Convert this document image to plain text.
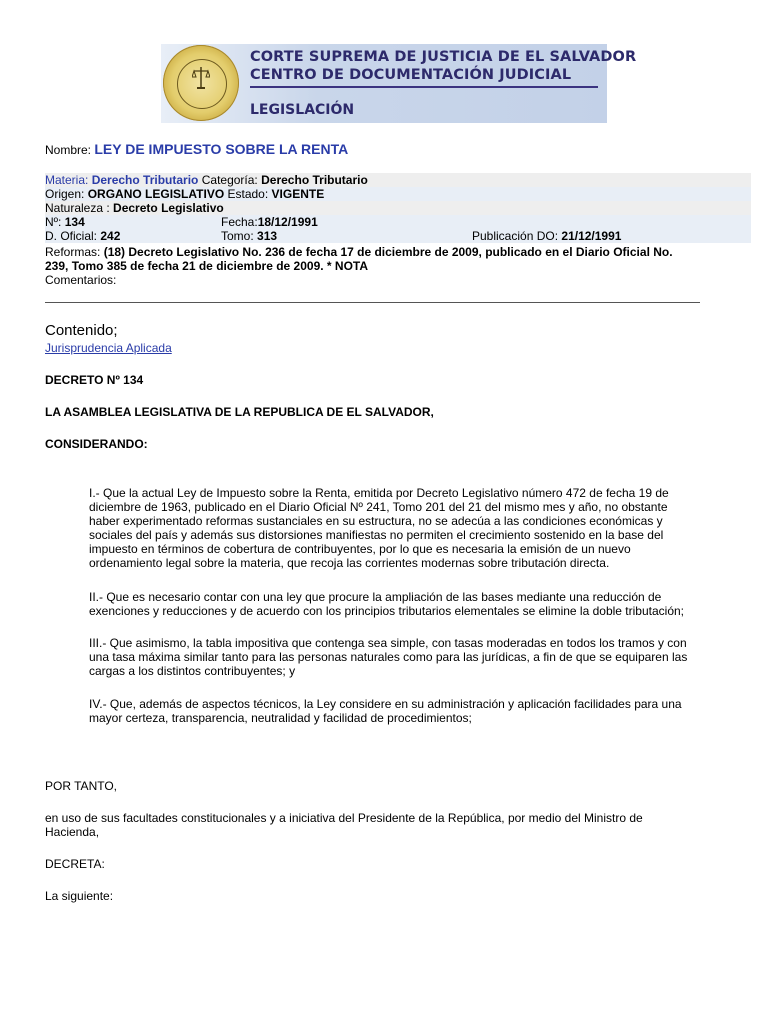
CORTE SUPREMA DE JUSTICIA DE EL SALVADOR
CENTRO DE DOCUMENTACIÓN JUDICIAL
LEGISLACIÓN
Nombre: LEY DE IMPUESTO SOBRE LA RENTA
Materia: Derecho Tributario Categoría: Derecho Tributario
Origen: ORGANO LEGISLATIVO Estado: VIGENTE
Naturaleza : Decreto Legislativo
Nº: 134	Fecha:18/12/1991
D. Oficial: 242	Tomo: 313	Publicación DO: 21/12/1991
Reformas: (18) Decreto Legislativo No. 236 de fecha 17 de diciembre de 2009, publicado en el Diario Oficial No.
239, Tomo 385 de fecha 21 de diciembre de 2009. * NOTA
Comentarios:
Contenido;
Jurisprudencia Aplicada
DECRETO Nº 134
LA ASAMBLEA LEGISLATIVA DE LA REPUBLICA DE EL SALVADOR,
CONSIDERANDO:
I.- Que la actual Ley de Impuesto sobre la Renta, emitida por Decreto Legislativo número 472 de fecha 19 de
diciembre de 1963, publicado en el Diario Oficial Nº 241, Tomo 201 del 21 del mismo mes y año, no obstante
haber experimentado reformas sustanciales en su estructura, no se adecúa a las condiciones económicas y
sociales del país y además sus distorsiones manifiestas no permiten el crecimiento sostenido en la base del
impuesto en términos de cobertura de contribuyentes, por lo que es necesaria la emisión de un nuevo
ordenamiento legal sobre la materia, que recoja las corrientes modernas sobre tributación directa.
II.- Que es necesario contar con una ley que procure la ampliación de las bases mediante una reducción de
exenciones y reducciones y de acuerdo con los principios tributarios elementales se elimine la doble tributación;
III.- Que asimismo, la tabla impositiva que contenga sea simple, con tasas moderadas en todos los tramos y con
una tasa máxima similar tanto para las personas naturales como para las jurídicas, a fin de que se equiparen las
cargas a los distintos contribuyentes; y
IV.- Que, además de aspectos técnicos, la Ley considere en su administración y aplicación facilidades para una
mayor certeza, transparencia, neutralidad y facilidad de procedimientos;
POR TANTO,
en uso de sus facultades constitucionales y a iniciativa del Presidente de la República, por medio del Ministro de
Hacienda,
DECRETA:
La siguiente:
